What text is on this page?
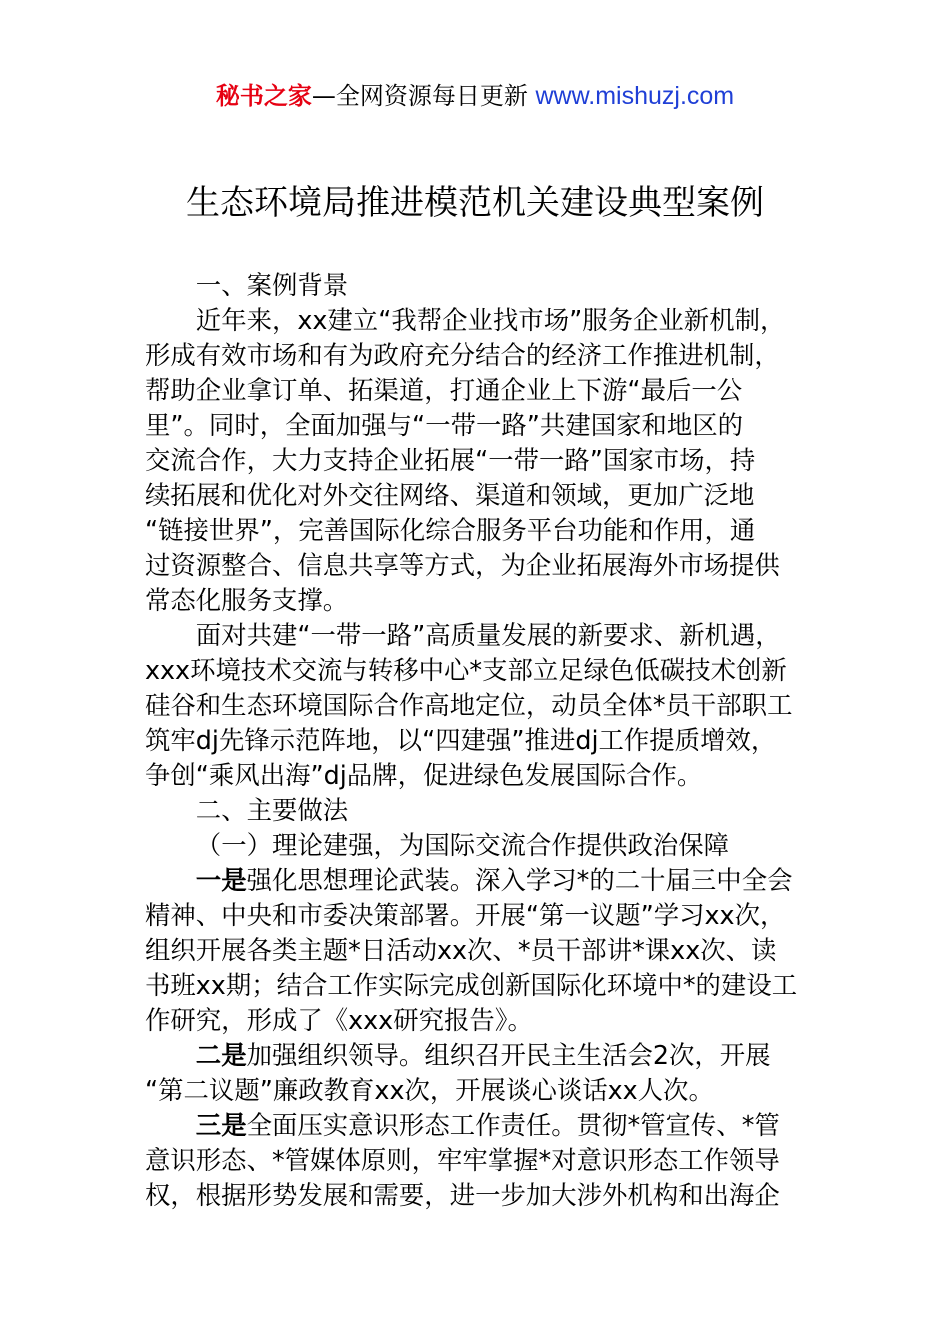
秘书之家—全网资源每日更新 www.mishuzj.com
生态环境局推进模范机关建设典型案例

一、案例背景

近年来，xx建立“我帮企业找市场”服务企业新机制，
形成有效市场和有为政府充分结合的经济工作推进机制，
帮助企业拿订单、拓渠道，打通企业上下游“最后一公
里”。同时，全面加强与“一带一路”共建国家和地区的
交流合作，大力支持企业拓展“一带一路”国家市场，持
续拓展和优化对外交往网络、渠道和领域，更加广泛地
“链接世界”，完善国际化综合服务平台功能和作用，通
过资源整合、信息共享等方式，为企业拓展海外市场提供
常态化服务支撑。

面对共建“一带一路”高质量发展的新要求、新机遇，
xxx环境技术交流与转移中心*支部立足绿色低碳技术创新
硅谷和生态环境国际合作高地定位，动员全体*员干部职工
筑牢dj先锋示范阵地，以“四建强”推进dj工作提质增效，
争创“乘风出海”dj品牌，促进绿色发展国际合作。

二、主要做法

（一）理论建强，为国际交流合作提供政治保障

一是强化思想理论武装。深入学习*的二十届三中全会
精神、中央和市委决策部署。开展“第一议题”学习xx次，
组织开展各类主题*日活动xx次、*员干部讲*课xx次、读
书班xx期；结合工作实际完成创新国际化环境中*的建设工
作研究，形成了《xxx研究报告》。

二是加强组织领导。组织召开民主生活会2次，开展
“第二议题”廉政教育xx次，开展谈心谈话xx人次。

三是全面压实意识形态工作责任。贯彻*管宣传、*管
意识形态、*管媒体原则，牢牢掌握*对意识形态工作领导
权，根据形势发展和需要，进一步加大涉外机构和出海企
